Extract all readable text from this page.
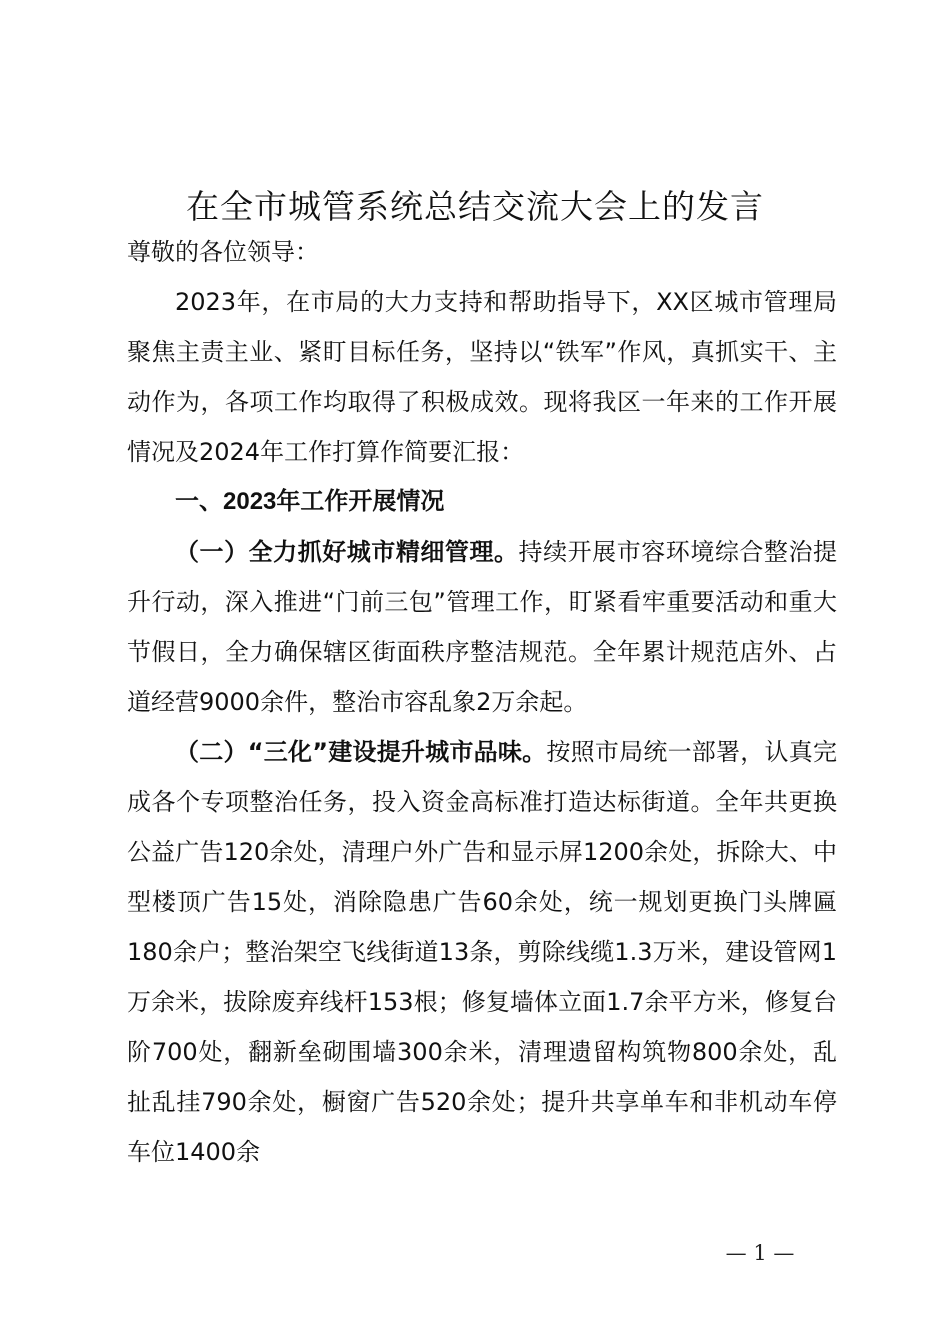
在全市城管系统总结交流大会上的发言

尊敬的各位领导：

2023年，在市局的大力支持和帮助指导下，XX区城市管理局聚焦主责主业、紧盯目标任务，坚持以“铁军”作风，真抓实干、主动作为，各项工作均取得了积极成效。现将我区一年来的工作开展情况及2024年工作打算作简要汇报：

一、2023年工作开展情况

（一）全力抓好城市精细管理。持续开展市容环境综合整治提升行动，深入推进“门前三包”管理工作，盯紧看牢重要活动和重大节假日，全力确保辖区街面秩序整洁规范。全年累计规范店外、占道经营9000余件，整治市容乱象2万余起。

（二）“三化”建设提升城市品味。按照市局统一部署，认真完成各个专项整治任务，投入资金高标准打造达标街道。全年共更换公益广告120余处，清理户外广告和显示屏1200余处，拆除大、中型楼顶广告15处，消除隐患广告60余处，统一规划更换门头牌匾180余户；整治架空飞线街道13条，剪除线缆1.3万米，建设管网1万余米，拔除废弃线杆153根；修复墙体立面1.7余平方米，修复台阶700处，翻新垒砌围墙300余米，清理遗留构筑物800余处，乱扯乱挂790余处，橱窗广告520余处；提升共享单车和非机动车停车位1400余

— 1 —
